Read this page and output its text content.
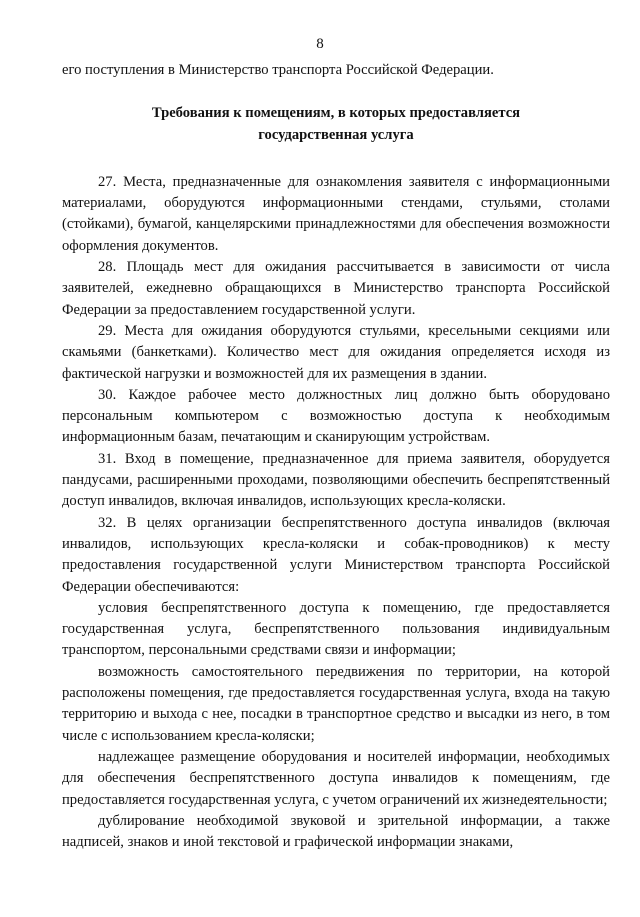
8

его поступления в Министерство транспорта Российской Федерации.

Требования к помещениям, в которых предоставляется
государственная услуга

27. Места, предназначенные для ознакомления заявителя с информационными материалами, оборудуются информационными стендами, стульями, столами (стойками), бумагой, канцелярскими принадлежностями для обеспечения возможности оформления документов.

28. Площадь мест для ожидания рассчитывается в зависимости от числа заявителей, ежедневно обращающихся в Министерство транспорта Российской Федерации за предоставлением государственной услуги.

29. Места для ожидания оборудуются стульями, кресельными секциями или скамьями (банкетками). Количество мест для ожидания определяется исходя из фактической нагрузки и возможностей для их размещения в здании.

30. Каждое рабочее место должностных лиц должно быть оборудовано персональным компьютером с возможностью доступа к необходимым информационным базам, печатающим и сканирующим устройствам.

31. Вход в помещение, предназначенное для приема заявителя, оборудуется пандусами, расширенными проходами, позволяющими обеспечить беспрепятственный доступ инвалидов, включая инвалидов, использующих кресла-коляски.

32. В целях организации беспрепятственного доступа инвалидов (включая инвалидов, использующих кресла-коляски и собак-проводников) к месту предоставления государственной услуги Министерством транспорта Российской Федерации обеспечиваются:

условия беспрепятственного доступа к помещению, где предоставляется государственная услуга, беспрепятственного пользования индивидуальным транспортом, персональными средствами связи и информации;

возможность самостоятельного передвижения по территории, на которой расположены помещения, где предоставляется государственная услуга, входа на такую территорию и выхода с нее, посадки в транспортное средство и высадки из него, в том числе с использованием кресла-коляски;

надлежащее размещение оборудования и носителей информации, необходимых для обеспечения беспрепятственного доступа инвалидов к помещениям, где предоставляется государственная услуга, с учетом ограничений их жизнедеятельности;

дублирование необходимой звуковой и зрительной информации, а также надписей, знаков и иной текстовой и графической информации знаками,
